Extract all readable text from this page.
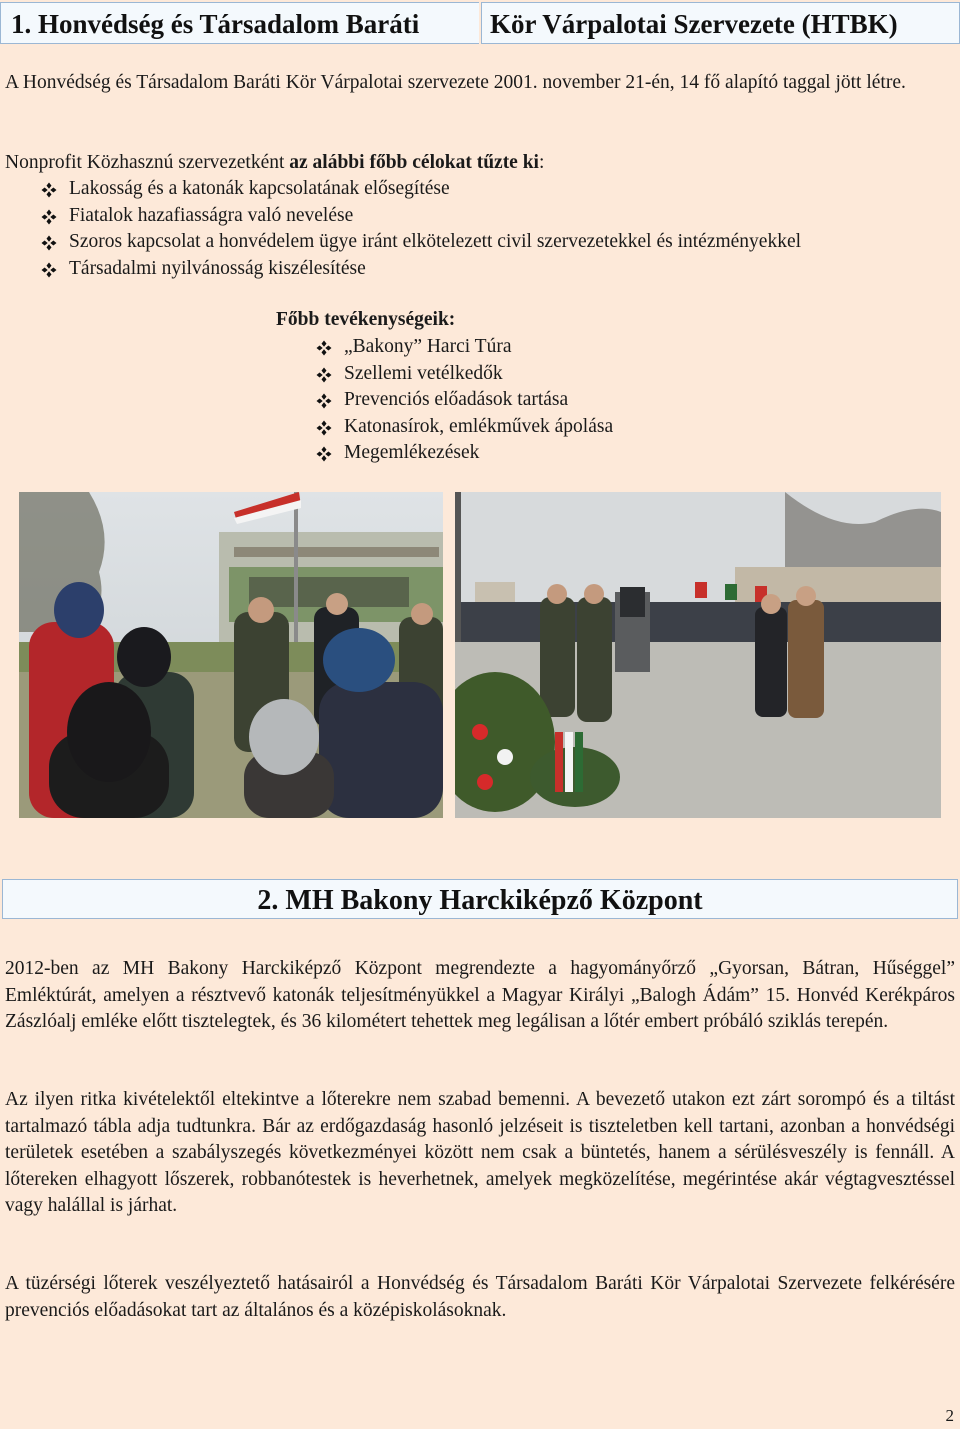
1. Honvédség és Társadalom Baráti	Kör Várpalotai Szervezete (HTBK)

A Honvédség és Társadalom Baráti Kör Várpalotai szervezete 2001. november 21-én, 14 fő alapító taggal jött létre.

Nonprofit Közhasznú szervezetként az alábbi főbb célokat tűzte ki:

Lakosság és a katonák kapcsolatának elősegítése
Fiatalok hazafiasságra való nevelése
Szoros kapcsolat a honvédelem ügye iránt elkötelezett civil szervezetekkel és intézményekkel
Társadalmi nyilvánosság kiszélesítése
Főbb tevékenységeik:
„Bakony” Harci Túra
Szellemi vetélkedők
Prevenciós előadások tartása
Katonasírok, emlékművek ápolása
Megemlékezések
2. MH Bakony Harckiképző Központ

2012-ben az MH Bakony Harckiképző Központ megrendezte a hagyományőrző „Gyorsan, Bátran, Hűséggel” Emléktúrát, amelyen a résztvevő katonák teljesítményükkel a Magyar Királyi „Balogh Ádám” 15. Honvéd Kerékpáros Zászlóalj emléke előtt tisztelegtek, és 36 kilométert tehettek meg legálisan a lőtér embert próbáló sziklás terepén.

Az ilyen ritka kivételektől eltekintve a lőterekre nem szabad bemenni. A bevezető utakon ezt zárt sorompó és a tiltást tartalmazó tábla adja tudtunkra. Bár az erdőgazdaság hasonló jelzéseit is tiszteletben kell tartani, azonban a honvédségi területek esetében a szabályszegés következményei között nem csak a büntetés, hanem a sérülésveszély is fennáll. A lőtereken elhagyott lőszerek, robbanótestek is heverhetnek, amelyek megközelítése, megérintése akár végtagvesztéssel vagy halállal is járhat.

A tüzérségi lőterek veszélyeztető hatásairól a Honvédség és Társadalom Baráti Kör Várpalotai Szervezete felkérésére prevenciós előadásokat tart az általános és a középiskolásoknak.

2
